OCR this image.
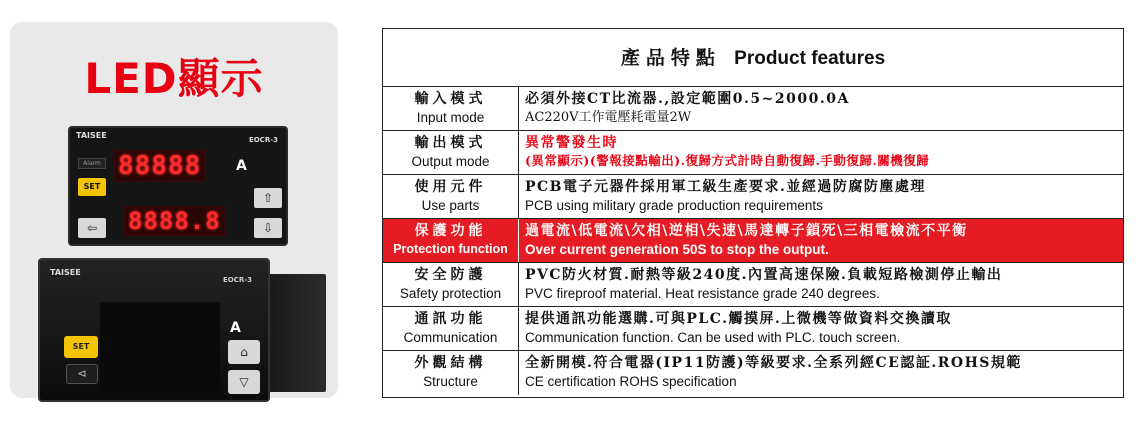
LED顯示
TAISEE	EOCR-3
Alarm 88888 A
8888.8
SET
⇦
⇧
⇩
TAISEE
EOCR-3
A
SET
⊲
⌂
▽
產品特點 Product features
輸入模式
Input mode
必須外接CT比流器.,設定範圍0.5~2000.0A
AC220V工作電壓耗電量2W
輸出模式
Output mode
異常警發生時
(異常顯示)(警報接點輸出).復歸方式計時自動復歸.手動復歸.關機復歸
使用元件
Use parts
PCB電子元器件採用軍工級生產要求.並經過防腐防塵處理
PCB using military grade production requirements
保護功能
Protection function
過電流\低電流\欠相\逆相\失速\馬達轉子鎖死\三相電檢流不平衡
Over current generation 50S to stop the output.
安全防護
Safety protection
PVC防火材質.耐熱等級240度.內置高速保險.負載短路檢測停止輸出
PVC fireproof material. Heat resistance grade 240 degrees.
通訊功能
Communication
提供通訊功能選購.可與PLC.觸摸屏.上微機等做資料交換讀取
Communication function. Can be used with PLC. touch screen.
外觀結構
Structure
全新開模.符合電器(IP11防護)等級要求.全系列經CE認証.ROHS規範
CE certification ROHS specification
